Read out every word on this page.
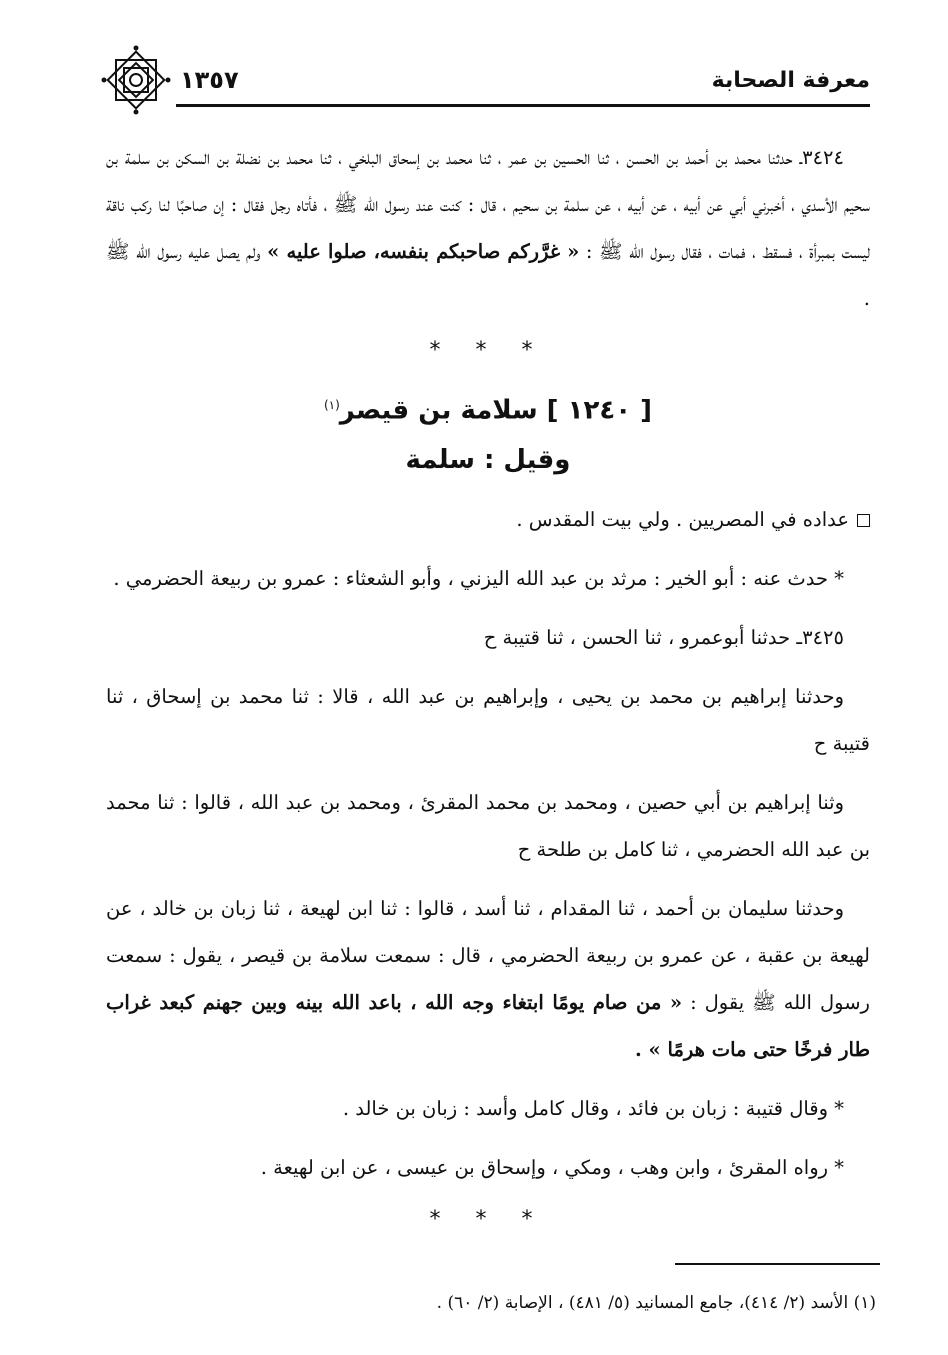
معرفة الصحابة
١٣٥٧

٣٤٢٤ـ حدثنا محمد بن أحمد بن الحسن ، ثنا الحسين بن عمر ، ثنا محمد بن إسحاق البلخي ، ثنا محمد بن نضلة بن السكن بن سلمة بن سحيم الأسدي ، أخبرني أبي عن أبيه ، عن أبيه ، عن سلمة بن سحيم ، قال : كنت عند رسول الله ﷺ ، فأتاه رجل فقال : إن صاحبًا لنا ركب ناقة ليست بمبرأة ، فسقط ، فمات ، فقال رسول الله ﷺ : « غرَّركم صاحبكم بنفسه، صلوا عليه » ولم يصل عليه رسول الله ﷺ .

* * *

[ ١٢٤٠ ] سلامة بن قيصر$^{(١)}$

وقيل : سلمة

عداده في المصريين . ولي بيت المقدس .

* حدث عنه : أبو الخير : مرثد بن عبد الله اليزني ، وأبو الشعثاء : عمرو بن ربيعة الحضرمي .

٣٤٢٥ـ حدثنا أبوعمرو ، ثنا الحسن ، ثنا قتيبة ح

وحدثنا إبراهيم بن محمد بن يحيى ، وإبراهيم بن عبد الله ، قالا : ثنا محمد بن إسحاق ، ثنا قتيبة ح

وثنا إبراهيم بن أبي حصين ، ومحمد بن محمد المقرئ ، ومحمد بن عبد الله ، قالوا : ثنا محمد بن عبد الله الحضرمي ، ثنا كامل بن طلحة ح

وحدثنا سليمان بن أحمد ، ثنا المقدام ، ثنا أسد ، قالوا : ثنا ابن لهيعة ، ثنا زبان بن خالد ، عن لهيعة بن عقبة ، عن عمرو بن ربيعة الحضرمي ، قال : سمعت سلامة بن قيصر ، يقول : سمعت رسول الله ﷺ يقول : « من صام يومًا ابتغاء وجه الله ، باعد الله بينه وبين جهنم كبعد غراب طار فرخًا حتى مات هرمًا » .

* وقال قتيبة : زبان بن فائد ، وقال كامل وأسد : زبان بن خالد .

* رواه المقرئ ، وابن وهب ، ومكي ، وإسحاق بن عيسى ، عن ابن لهيعة .

* * *

(١) الأسد (٢/ ٤١٤)، جامع المسانيد (٥/ ٤٨١) ، الإصابة (٢/ ٦٠) .
